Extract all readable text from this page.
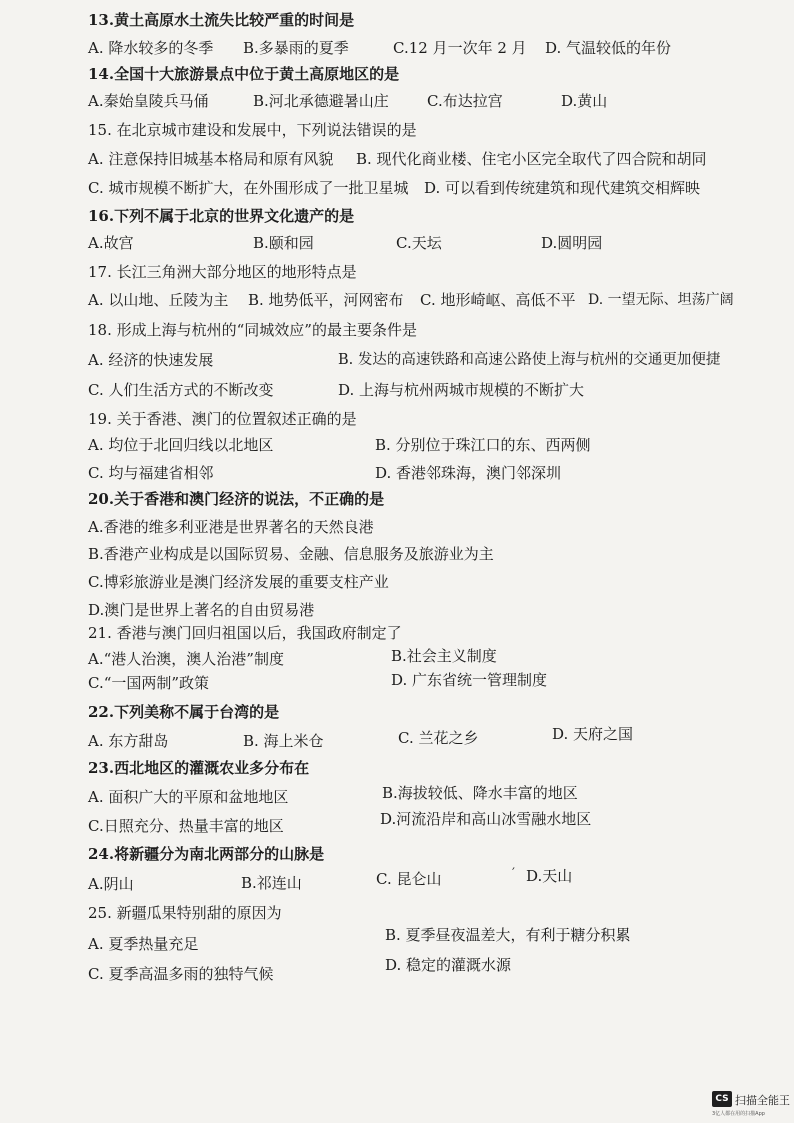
13.黄土高原水土流失比较严重的时间是
A. 降水较多的冬季 B.多暴雨的夏季	C.12 月一次年 2 月 D. 气温较低的年份
14.全国十大旅游景点中位于黄土高原地区的是
A.秦始皇陵兵马俑	B.河北承德避暑山庄	C.布达拉宫	D.黄山
15. 在北京城市建设和发展中，下列说法错误的是
A. 注意保持旧城基本格局和原有风貌 B. 现代化商业楼、住宅小区完全取代了四合院和胡同
C. 城市规模不断扩大，在外围形成了一批卫星城 D. 可以看到传统建筑和现代建筑交相辉映
16.下列不属于北京的世界文化遗产的是
A.故宫	B.颐和园	C.天坛	D.圆明园
17. 长江三角洲大部分地区的地形特点是
A. 以山地、丘陵为主 B. 地势低平，河网密布 C. 地形崎岖、高低不平 D. 一望无际、坦荡广阔
18. 形成上海与杭州的“同城效应”的最主要条件是
A. 经济的快速发展	B. 发达的高速铁路和高速公路使上海与杭州的交通更加便捷
C. 人们生活方式的不断改变	D. 上海与杭州两城市规模的不断扩大
19. 关于香港、澳门的位置叙述正确的是
A. 均位于北回归线以北地区	B. 分别位于珠江口的东、西两侧
C. 均与福建省相邻	D. 香港邻珠海，澳门邻深圳
20.关于香港和澳门经济的说法，不正确的是
A.香港的维多利亚港是世界著名的天然良港
B.香港产业构成是以国际贸易、金融、信息服务及旅游业为主
C.博彩旅游业是澳门经济发展的重要支柱产业
D.澳门是世界上著名的自由贸易港
21. 香港与澳门回归祖国以后，我国政府制定了
A.“港人治澳，澳人治港”制度	B.社会主义制度
C.“一国两制”政策	D. 广东省统一管理制度
22.下列美称不属于台湾的是
A. 东方甜岛	B. 海上米仓	C. 兰花之乡	D. 天府之国
23.西北地区的灌溉农业多分布在
A. 面积广大的平原和盆地地区	B.海拔较低、降水丰富的地区
C.日照充分、热量丰富的地区	D.河流沿岸和高山冰雪融水地区
24.将新疆分为南北两部分的山脉是
A.阴山	B.祁连山	C. 昆仑山	′ D.天山
25. 新疆瓜果特别甜的原因为
A. 夏季热量充足	B. 夏季昼夜温差大，有利于糖分积累
C. 夏季高温多雨的独特气候	D. 稳定的灌溉水源
CS 扫描全能王
3亿人都在用的扫描App
